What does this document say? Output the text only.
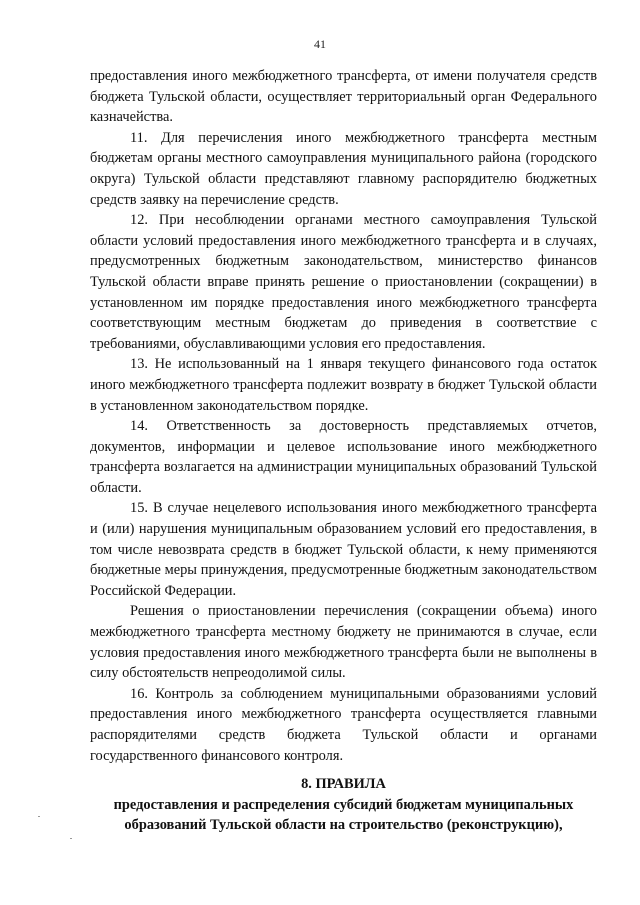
41

предоставления иного межбюджетного трансферта, от имени получателя средств бюджета Тульской области, осуществляет территориальный орган Федерального казначейства.

11. Для перечисления иного межбюджетного трансферта местным бюджетам органы местного самоуправления муниципального района (городского округа) Тульской области представляют главному распорядителю бюджетных средств заявку на перечисление средств.

12. При несоблюдении органами местного самоуправления Тульской области условий предоставления иного межбюджетного трансферта и в случаях, предусмотренных бюджетным законодательством, министерство финансов Тульской области вправе принять решение о приостановлении (сокращении) в установленном им порядке предоставления иного межбюджетного трансферта соответствующим местным бюджетам до приведения в соответствие с требованиями, обуславливающими условия его предоставления.

13. Не использованный на 1 января текущего финансового года остаток иного межбюджетного трансферта подлежит возврату в бюджет Тульской области в установленном законодательством порядке.

14. Ответственность за достоверность представляемых отчетов, документов, информации и целевое использование иного межбюджетного трансферта возлагается на администрации муниципальных образований Тульской области.

15. В случае нецелевого использования иного межбюджетного трансферта и (или) нарушения муниципальным образованием условий его предоставления, в том числе невозврата средств в бюджет Тульской области, к нему применяются бюджетные меры принуждения, предусмотренные бюджетным законодательством Российской Федерации.

Решения о приостановлении перечисления (сокращении объема) иного межбюджетного трансферта местному бюджету не принимаются в случае, если условия предоставления иного межбюджетного трансферта были не выполнены в силу обстоятельств непреодолимой силы.

16. Контроль за соблюдением муниципальными образованиями условий предоставления иного межбюджетного трансферта осуществляется главными распорядителями средств бюджета Тульской области и органами государственного финансового контроля.

8. ПРАВИЛА

предоставления и распределения субсидий бюджетам муниципальных

образований Тульской области на строительство (реконструкцию),
